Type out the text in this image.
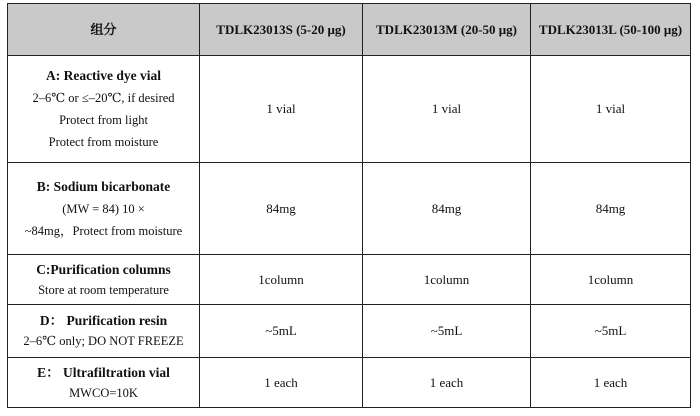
组分	TDLK23013S (5-20 μg)	TDLK23013M (20-50 μg)	TDLK23013L (50-100 μg)

A: Reactive dye vial
2–6℃ or ≤–20℃, if desired
Protect from light
Protect from moisture	1 vial	1 vial	1 vial

B: Sodium bicarbonate
(MW = 84) 10 ×
~84mg，Protect from moisture	84mg	84mg	84mg

C:Purification columns
Store at room temperature	1column	1column	1column

D： Purification resin
2–6℃ only; DO NOT FREEZE	~5mL	~5mL	~5mL

E： Ultrafiltration vial
MWCO=10K	1 each	1 each	1 each
